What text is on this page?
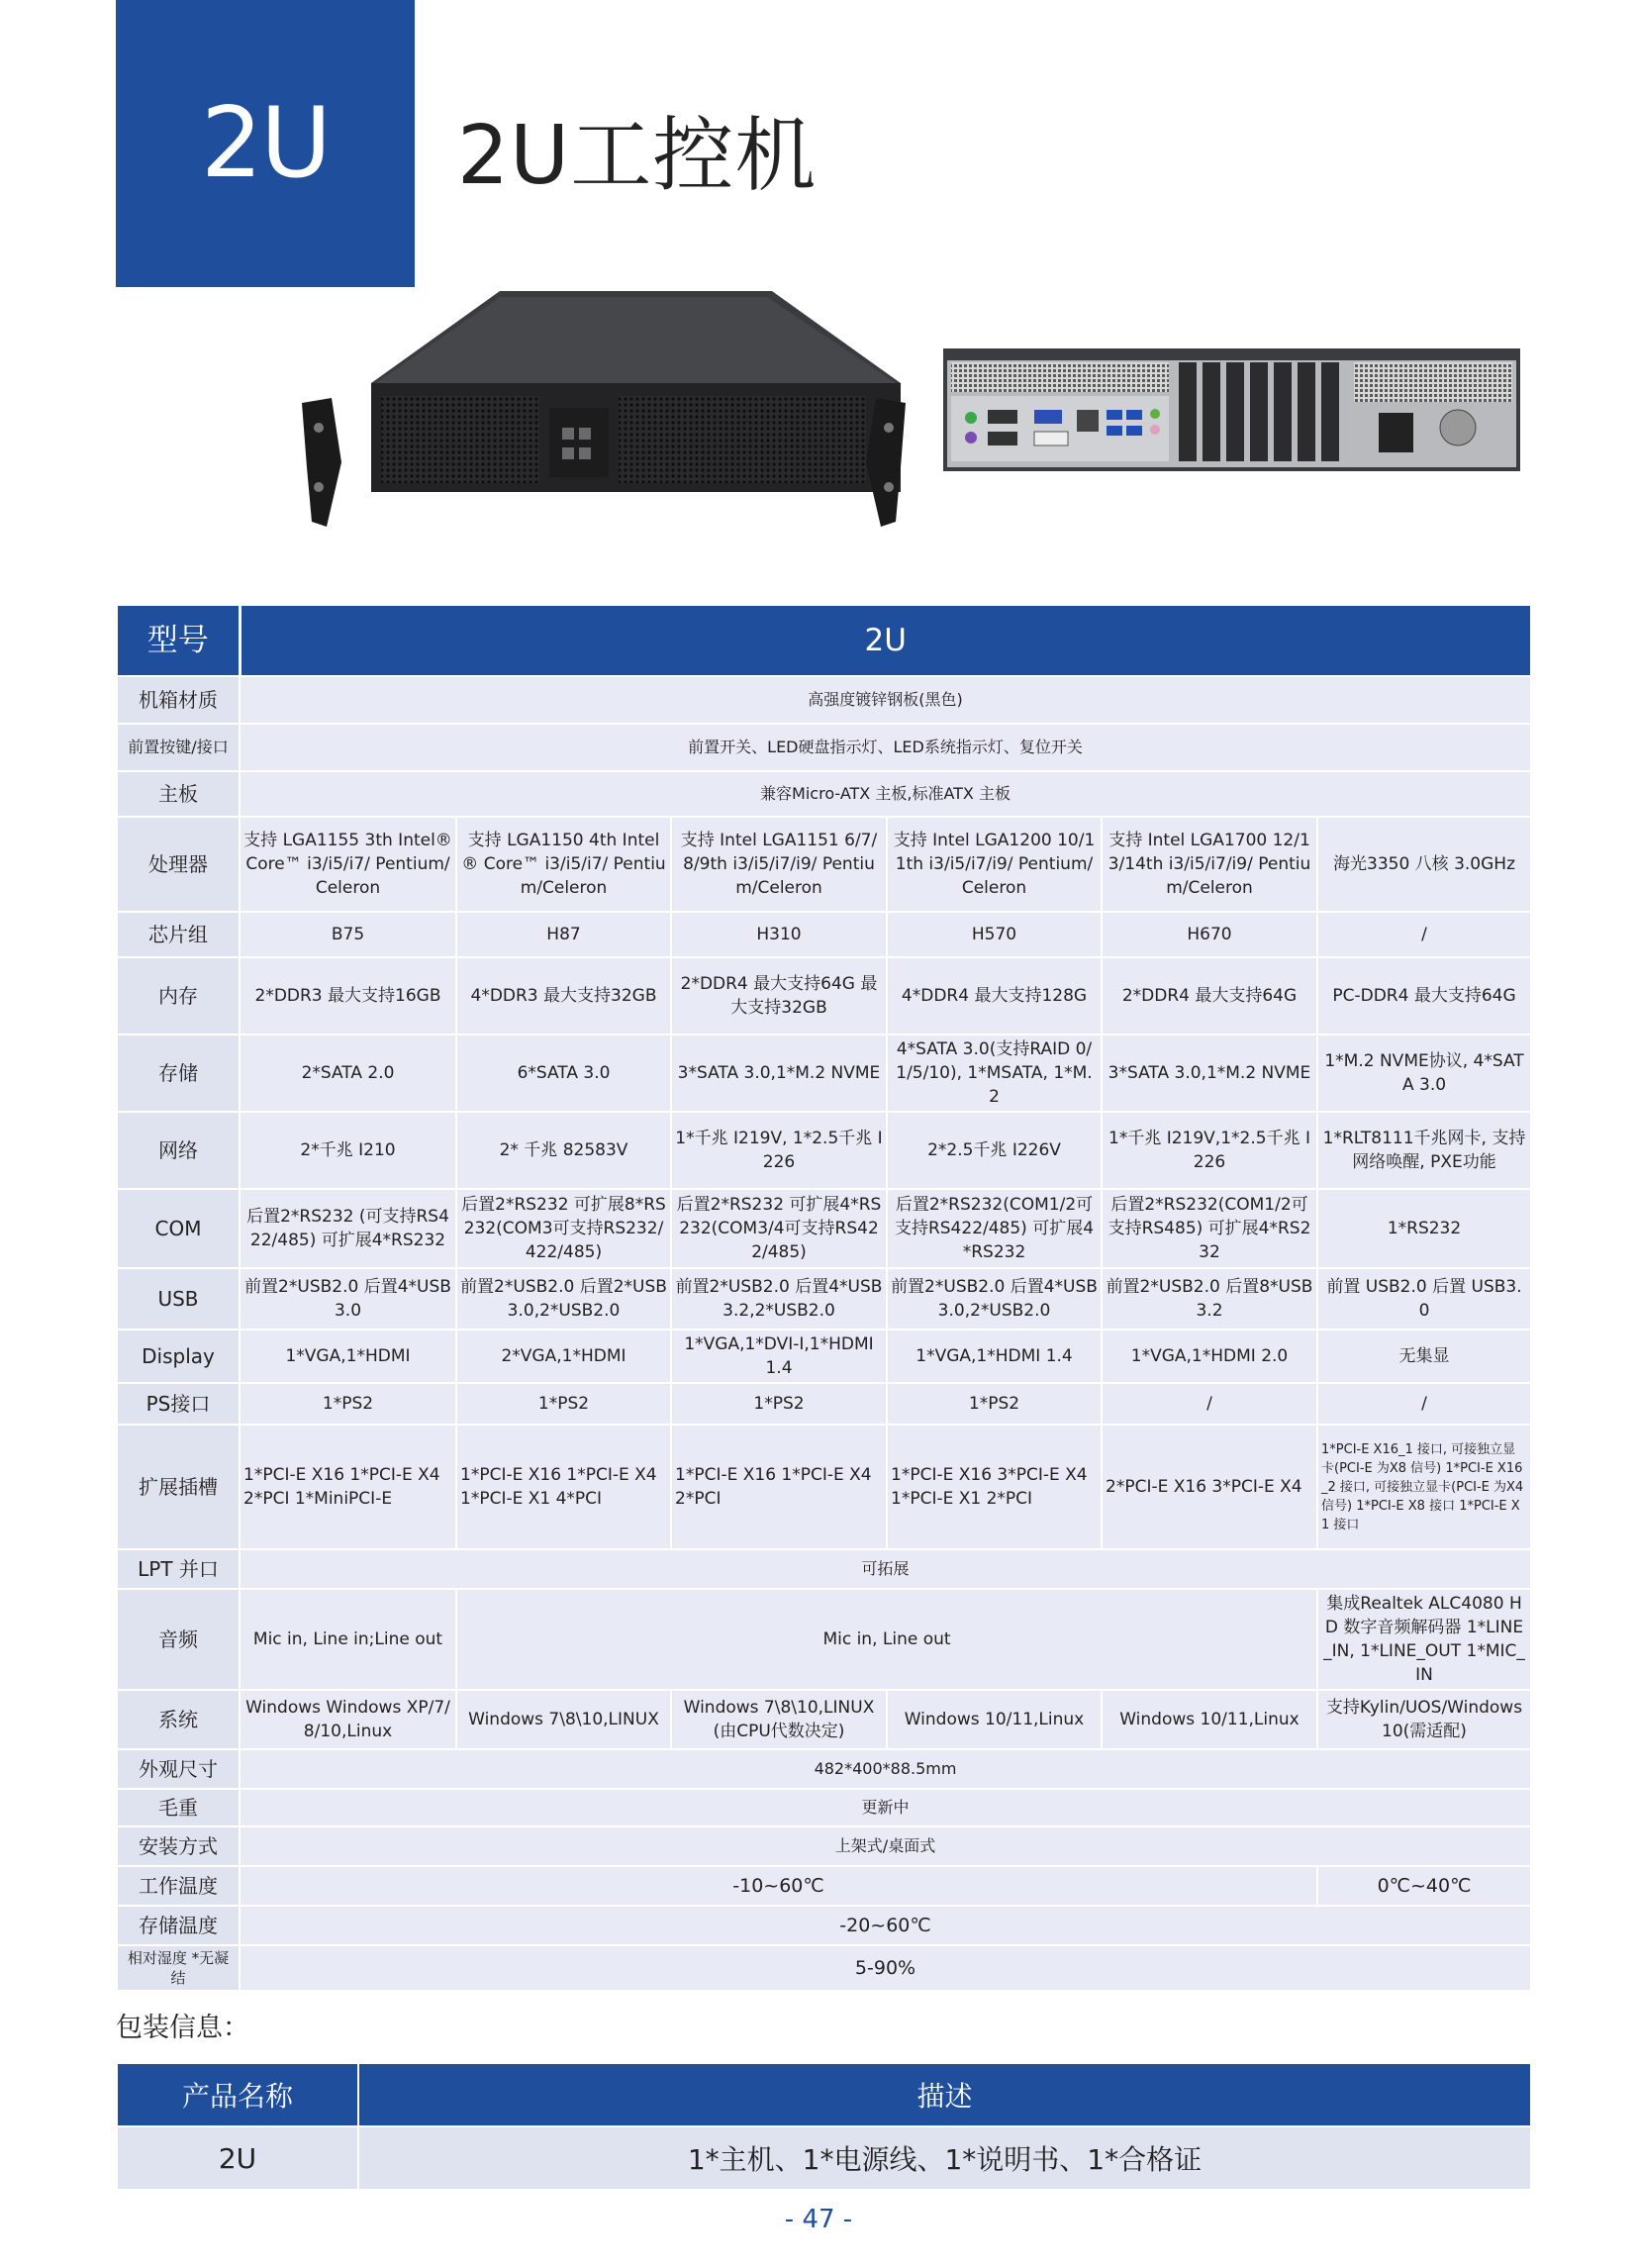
2U 2U工控机
型号	2U					
机箱材质	高强度镀锌钢板(黑色)					
前置按键/接口	前置开关、LED硬盘指示灯、LED系统指示灯、复位开关					
主板	兼容Micro-ATX 主板,标准ATX 主板					
处理器	支持 LGA1155 3th Intel® Core™ i3/i5/i7/ Pentium/Celeron	支持 LGA1150 4th Intel® Core™ i3/i5/i7/ Pentium/Celeron	支持 Intel LGA1151 6/7/8/9th i3/i5/i7/i9/ Pentium/Celeron	支持 Intel LGA1200 10/11th i3/i5/i7/i9/ Pentium/Celeron	支持 Intel LGA1700 12/13/14th i3/i5/i7/i9/ Pentium/Celeron	海光3350 八核 3.0GHz
芯片组	B75	H87	H310	H570	H670	/
内存	2*DDR3 最大支持16GB	4*DDR3 最大支持32GB	2*DDR4 最大支持64G 最大支持32GB	4*DDR4 最大支持128G	2*DDR4 最大支持64G	PC-DDR4 最大支持64G
存储	2*SATA 2.0	6*SATA 3.0	3*SATA 3.0,1*M.2 NVME	4*SATA 3.0(支持RAID 0/1/5/10), 1*MSATA, 1*M.2	3*SATA 3.0,1*M.2 NVME	1*M.2 NVME协议, 4*SATA 3.0
网络	2*千兆 I210	2* 千兆 82583V	1*千兆 I219V, 1*2.5千兆 I226	2*2.5千兆 I226V	1*千兆 I219V,1*2.5千兆 I226	1*RLT8111千兆网卡, 支持网络唤醒, PXE功能
COM	后置2*RS232 (可支持RS422/485) 可扩展4*RS232	后置2*RS232 可扩展8*RS232(COM3可支持RS232/422/485)	后置2*RS232 可扩展4*RS232(COM3/4可支持RS422/485)	后置2*RS232(COM1/2可支持RS422/485) 可扩展4*RS232	后置2*RS232(COM1/2可支持RS485) 可扩展4*RS232	1*RS232
USB	前置2*USB2.0 后置4*USB3.0	前置2*USB2.0 后置2*USB3.0,2*USB2.0	前置2*USB2.0 后置4*USB3.2,2*USB2.0	前置2*USB2.0 后置4*USB3.0,2*USB2.0	前置2*USB2.0 后置8*USB3.2	前置 USB2.0 后置 USB3.0
Display	1*VGA,1*HDMI	2*VGA,1*HDMI	1*VGA,1*DVI-I,1*HDMI 1.4	1*VGA,1*HDMI 1.4	1*VGA,1*HDMI 2.0	无集显
PS接口	1*PS2	1*PS2	1*PS2	1*PS2	/	/
扩展插槽	1*PCI-E X16 1*PCI-E X4 2*PCI 1*MiniPCI-E	1*PCI-E X16 1*PCI-E X4 1*PCI-E X1 4*PCI	1*PCI-E X16 1*PCI-E X4 2*PCI	1*PCI-E X16 3*PCI-E X4 1*PCI-E X1 2*PCI	2*PCI-E X16 3*PCI-E X4	1*PCI-E X16_1 接口, 可接独立显卡(PCI-E 为X8 信号) 1*PCI-E X16_2 接口, 可接独立显卡(PCI-E 为X4 信号) 1*PCI-E X8 接口 1*PCI-E X1 接口
LPT 并口	可拓展					
音频	Mic in, Line in;Line out	Mic in, Line out				集成Realtek ALC4080 HD 数字音频解码器 1*LINE_IN, 1*LINE_OUT 1*MIC_IN
系统	Windows Windows XP/7/8/10,Linux	Windows 7\8\10,LINUX	Windows 7\8\10,LINUX (由CPU代数决定)	Windows 10/11,Linux	Windows 10/11,Linux	支持Kylin/UOS/Windows 10(需适配)
外观尺寸	482*400*88.5mm					
毛重	更新中					
安装方式	上架式/桌面式					
工作温度	-10~60℃					0℃~40℃
存储温度	-20~60℃					
相对湿度 *无凝结	5-90%					
包装信息：
产品名称	描述
2U	1*主机、1*电源线、1*说明书、1*合格证
- 47 -
